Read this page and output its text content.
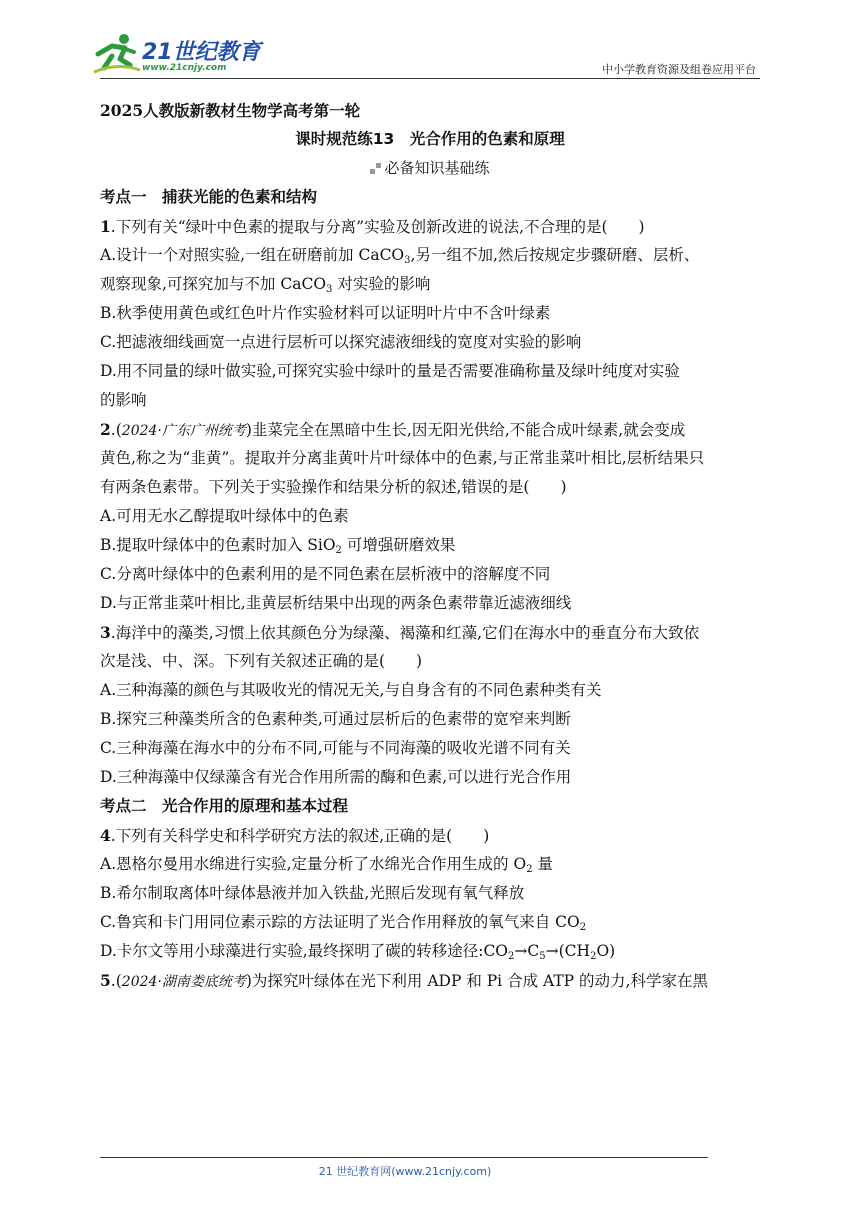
21世纪教育
www.21cnjy.com	中小学教育资源及组卷应用平台
2025人教版新教材生物学高考第一轮
课时规范练13　光合作用的色素和原理
必备知识基础练
考点一　捕获光能的色素和结构
1.下列有关“绿叶中色素的提取与分离”实验及创新改进的说法,不合理的是(　　)
A.设计一个对照实验,一组在研磨前加 CaCO$_3$,另一组不加,然后按规定步骤研磨、层析、
观察现象,可探究加与不加 CaCO$_3$ 对实验的影响
B.秋季使用黄色或红色叶片作实验材料可以证明叶片中不含叶绿素
C.把滤液细线画宽一点进行层析可以探究滤液细线的宽度对实验的影响
D.用不同量的绿叶做实验,可探究实验中绿叶的量是否需要准确称量及绿叶纯度对实验
的影响
2.(2024·广东广州统考)韭菜完全在黑暗中生长,因无阳光供给,不能合成叶绿素,就会变成
黄色,称之为“韭黄”。提取并分离韭黄叶片叶绿体中的色素,与正常韭菜叶相比,层析结果只
有两条色素带。下列关于实验操作和结果分析的叙述,错误的是(　　)
A.可用无水乙醇提取叶绿体中的色素
B.提取叶绿体中的色素时加入 SiO$_2$ 可增强研磨效果
C.分离叶绿体中的色素利用的是不同色素在层析液中的溶解度不同
D.与正常韭菜叶相比,韭黄层析结果中出现的两条色素带靠近滤液细线
3.海洋中的藻类,习惯上依其颜色分为绿藻、褐藻和红藻,它们在海水中的垂直分布大致依
次是浅、中、深。下列有关叙述正确的是(　　)
A.三种海藻的颜色与其吸收光的情况无关,与自身含有的不同色素种类有关
B.探究三种藻类所含的色素种类,可通过层析后的色素带的宽窄来判断
C.三种海藻在海水中的分布不同,可能与不同海藻的吸收光谱不同有关
D.三种海藻中仅绿藻含有光合作用所需的酶和色素,可以进行光合作用
考点二　光合作用的原理和基本过程
4.下列有关科学史和科学研究方法的叙述,正确的是(　　)
A.恩格尔曼用水绵进行实验,定量分析了水绵光合作用生成的 $O_2$ 量
B.希尔制取离体叶绿体悬液并加入铁盐,光照后发现有氧气释放
C.鲁宾和卡门用同位素示踪的方法证明了光合作用释放的氧气来自 $CO_2$
D.卡尔文等用小球藻进行实验,最终探明了碳的转移途径$:CO_2\to C_5\to(CH_2O)$
5.(2024·湖南娄底统考)为探究叶绿体在光下利用 ADP 和 Pi 合成 ATP 的动力,科学家在黑
21 世纪教育网(www.21cnjy.com)
